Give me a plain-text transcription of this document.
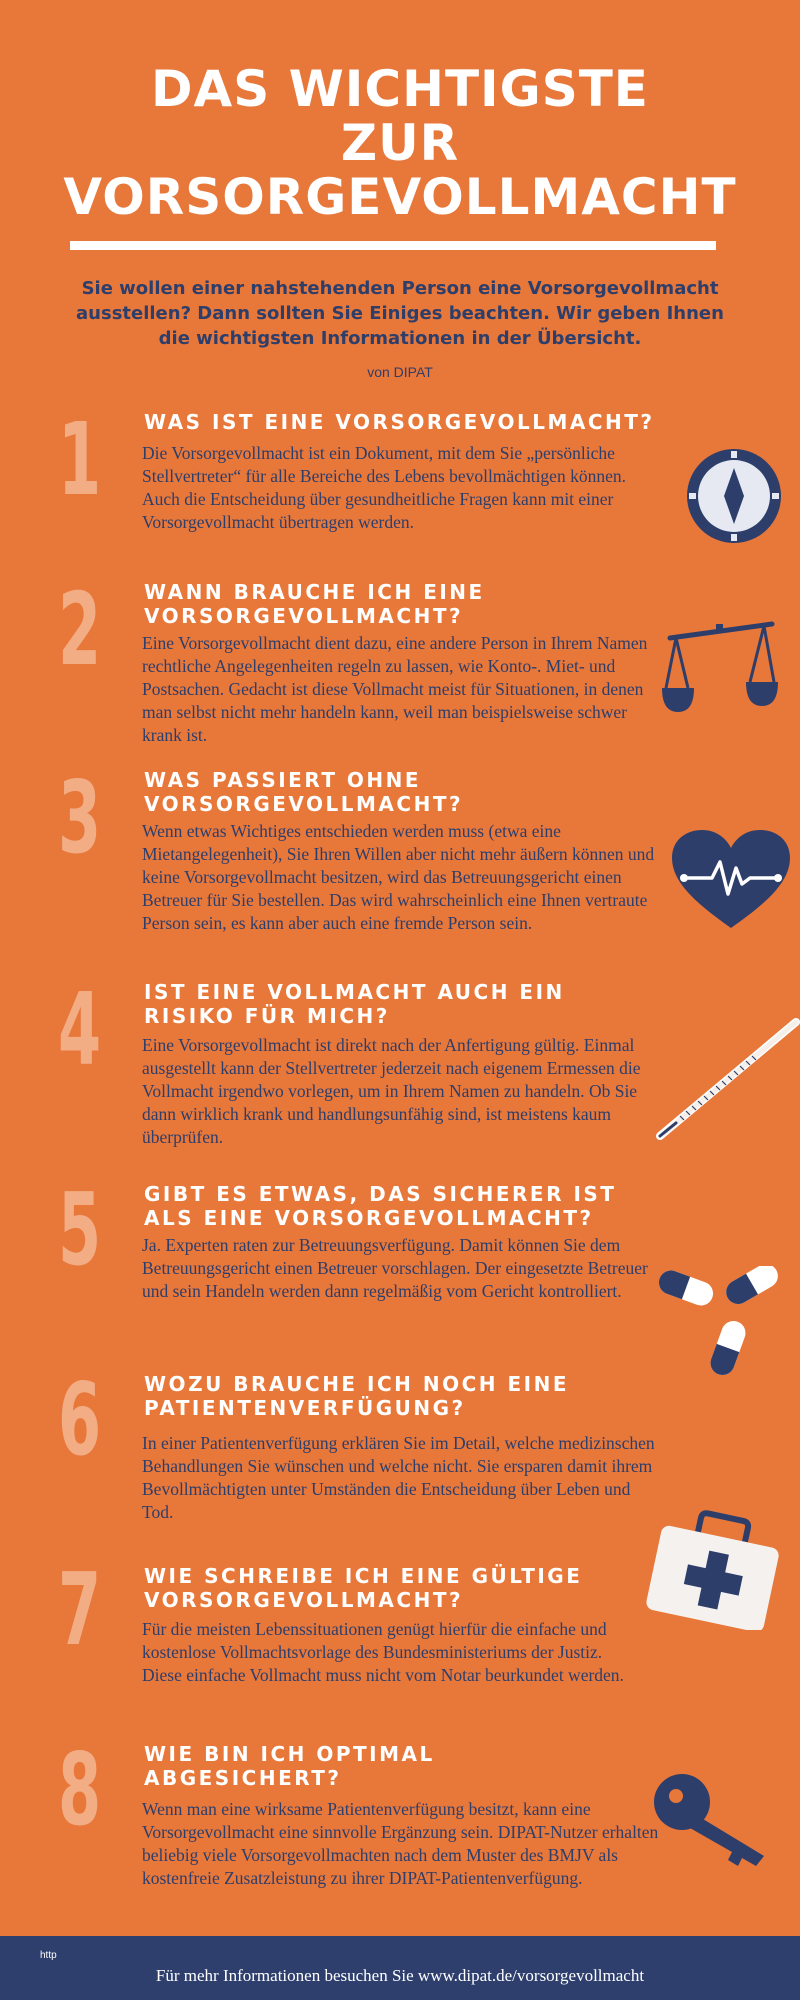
DAS WICHTIGSTE
ZUR
VORSORGEVOLLMACHT
Sie wollen einer nahstehenden Person eine Vorsorgevollmacht ausstellen? Dann sollten Sie Einiges beachten. Wir geben Ihnen die wichtigsten Informationen in der Übersicht.
von DIPAT
1 WAS IST EINE VORSORGEVOLLMACHT?
Die Vorsorgevollmacht ist ein Dokument, mit dem Sie „persönliche Stellvertreter“ für alle Bereiche des Lebens bevollmächtigen können. Auch die Entscheidung über gesundheitliche Fragen kann mit einer Vorsorgevollmacht übertragen werden.
2 WANN BRAUCHE ICH EINE VORSORGEVOLLMACHT?
Eine Vorsorgevollmacht dient dazu, eine andere Person in Ihrem Namen rechtliche Angelegenheiten regeln zu lassen, wie Konto-. Miet- und Postsachen. Gedacht ist diese Vollmacht meist für Situationen, in denen man selbst nicht mehr handeln kann, weil man beispielsweise schwer krank ist.
3 WAS PASSIERT OHNE VORSORGEVOLLMACHT?
Wenn etwas Wichtiges entschieden werden muss (etwa eine Mietangelegenheit), Sie Ihren Willen aber nicht mehr äußern können und keine Vorsorgevollmacht besitzen, wird das Betreuungsgericht einen Betreuer für Sie bestellen. Das wird wahrscheinlich eine Ihnen vertraute Person sein, es kann aber auch eine fremde Person sein.
4 IST EINE VOLLMACHT AUCH EIN RISIKO FÜR MICH?
Eine Vorsorgevollmacht ist direkt nach der Anfertigung gültig. Einmal ausgestellt kann der Stellvertreter jederzeit nach eigenem Ermessen die Vollmacht irgendwo vorlegen, um in Ihrem Namen zu handeln. Ob Sie dann wirklich krank und handlungsunfähig sind, ist meistens kaum überprüfen.
5 GIBT ES ETWAS, DAS SICHERER IST ALS EINE VORSORGEVOLLMACHT?
Ja. Experten raten zur Betreuungsverfügung. Damit können Sie dem Betreuungsgericht einen Betreuer vorschlagen. Der eingesetzte Betreuer und sein Handeln werden dann regelmäßig vom Gericht kontrolliert.
6 WOZU BRAUCHE ICH NOCH EINE PATIENTENVERFÜGUNG?
In einer Patientenverfügung erklären Sie im Detail, welche medizinschen Behandlungen Sie wünschen und welche nicht. Sie ersparen damit ihrem Bevollmächtigten unter Umständen die Entscheidung über Leben und Tod.
7 WIE SCHREIBE ICH EINE GÜLTIGE VORSORGEVOLLMACHT?
Für die meisten Lebenssituationen genügt hierfür die einfache und kostenlose Vollmachtsvorlage des Bundesministeriums der Justiz. Diese einfache Vollmacht muss nicht vom Notar beurkundet werden.
8 WIE BIN ICH OPTIMAL ABGESICHERT?
Wenn man eine wirksame Patientenverfügung besitzt, kann eine Vorsorgevollmacht eine sinnvolle Ergänzung sein. DIPAT-Nutzer erhalten beliebig viele Vorsorgevollmachten nach dem Muster des BMJV als kostenfreie Zusatzleistung zu ihrer DIPAT-Patientenverfügung.
http
Für mehr Informationen besuchen Sie www.dipat.de/vorsorgevollmacht
